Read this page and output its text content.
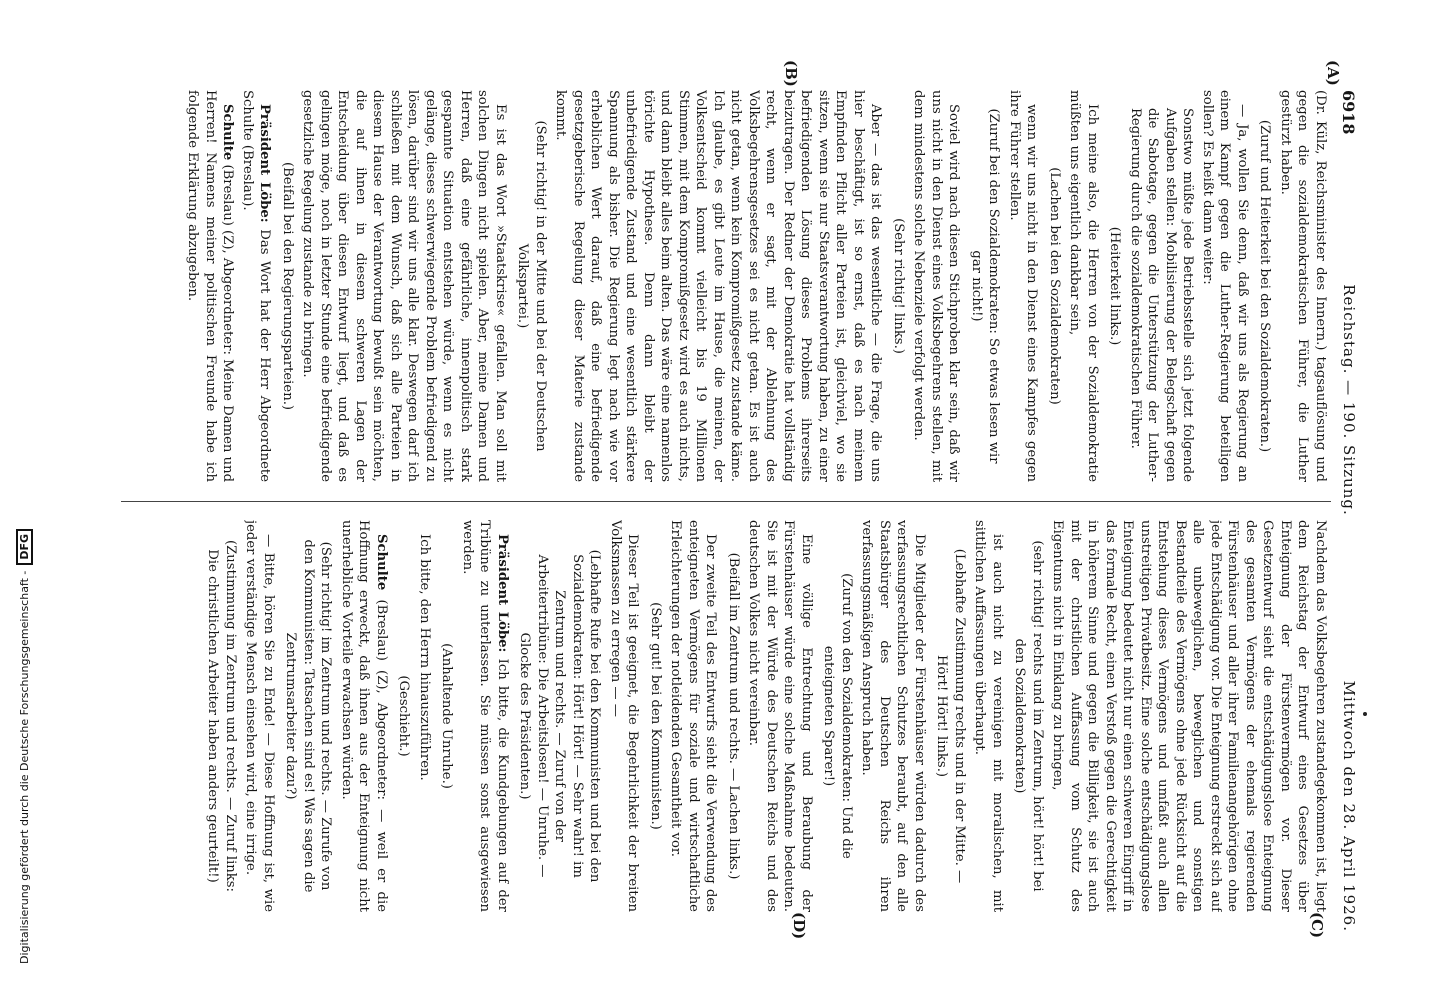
6918
Reichstag. — 190. Sitzung.
Mittwoch den 28. April 1926.
(A)
(B)
(C)
(D)

(Dr. Külz, Reichsminister des Innern.) tagsauflösung und gegen die sozialdemokratischen Führer, die Luther gestürzt haben.

(Zuruf und Heiterkeit bei den Sozialdemokraten.)

— Ja, wollen Sie denn, daß wir uns als Regierung an einem Kampf gegen die Luther-Regierung beteiligen sollen? Es heißt dann weiter:

Sonstwo müßte jede Betriebsstelle sich jetzt folgende Aufgaben stellen: Mobilisierung der Belegschaft gegen die Sabotage, gegen die Unterstützung der Luther-Regierung durch die sozialdemokratischen Führer.

(Heiterkeit links.)

Ich meine also, die Herren von der Sozialdemokratie müßten uns eigentlich dankbar sein,

(Lachen bei den Sozialdemokraten)

wenn wir uns nicht in den Dienst eines Kampfes gegen ihre Führer stellen.

(Zuruf bei den Sozialdemokraten: So etwas lesen wir gar nicht!)

Soviel wird nach diesen Stichproben klar sein, daß wir uns nicht in den Dienst eines Volksbegehrens stellen, mit dem mindestens solche Nebenziele verfolgt werden.

(Sehr richtig! links.)

Aber — das ist das wesentliche — die Frage, die uns hier beschäftigt, ist so ernst, daß es nach meinem Empfinden Pflicht aller Parteien ist, gleichviel, wo sie sitzen, wenn sie nur Staatsverantwortung haben, zu einer befriedigenden Lösung dieses Problems ihrerseits beizutragen. Der Redner der Demokratie hat vollständig recht, wenn er sagt, mit der Ablehnung des Volksbegehrensgesetzes sei es nicht getan. Es ist auch nicht getan, wenn kein Kompromißgesetz zustande käme. Ich glaube, es gibt Leute im Hause, die meinen, der Volksentscheid kommt vielleicht bis 19 Millionen Stimmen, mit dem Kompromißgesetz wird es auch nichts, und dann bleibt alles beim alten. Das wäre eine namenlos törichte Hypothese. Denn dann bleibt der unbefriedigende Zustand und eine wesentlich stärkere Spannung als bisher. Die Regierung legt nach wie vor erheblichen Wert darauf, daß eine befriedigende gesetzgeberische Regelung dieser Materie zustande kommt.

(Sehr richtig! in der Mitte und bei der Deutschen Volkspartei.)

Es ist das Wort »Staatskrise« gefallen. Man soll mit solchen Dingen nicht spielen. Aber, meine Damen und Herren, daß eine gefährliche, innenpolitisch stark gespannte Situation entstehen würde, wenn es nicht gelänge, dieses schwerwiegende Problem befriedigend zu lösen, darüber sind wir uns alle klar. Deswegen darf ich schließen mit dem Wunsch, daß sich alle Parteien in diesem Hause der Verantwortung bewußt sein möchten, die auf ihnen in diesem schweren Lagen der Entscheidung über diesen Entwurf liegt, und daß es gelingen möge, noch in letzter Stunde eine befriedigende gesetzliche Regelung zustande zu bringen.

(Beifall bei den Regierungsparteien.)

Präsident Löbe: Das Wort hat der Herr Abgeordnete Schulte (Breslau).

Schulte (Breslau) (Z), Abgeordneter: Meine Damen und Herren! Namens meiner politischen Freunde habe ich folgende Erklärung abzugeben.

Nachdem das Volksbegehren zustandegekommen ist, liegt dem Reichstag der Entwurf eines Gesetzes über Enteignung der Fürstenvermögen vor. Dieser Gesetzentwurf sieht die entschädigungslose Enteignung des gesamten Vermögens der ehemals regierenden Fürstenhäuser und aller ihrer Familienangehörigen ohne jede Entschädigung vor. Die Enteignung erstreckt sich auf alle unbeweglichen, beweglichen und sonstigen Bestandteile des Vermögens ohne jede Rücksicht auf die Entstehung dieses Vermögens und umfaßt auch allen unstreitigen Privatbesitz. Eine solche entschädigungslose Enteignung bedeutet nicht nur einen schweren Eingriff in das formale Recht, einen Verstoß gegen die Gerechtigkeit in höherem Sinne und gegen die Billigkeit, sie ist auch mit der christlichen Auffassung vom Schutz des Eigentums nicht in Einklang zu bringen,

(sehr richtig! rechts und im Zentrum, hört! hört! bei den Sozialdemokraten)

ist auch nicht zu vereinigen mit moralischen, mit sittlichen Auffassungen überhaupt.

(Lebhafte Zustimmung rechts und in der Mitte. — Hört! Hört! links.)

Die Mitglieder der Fürstenhäuser würden dadurch des verfassungsrechtlichen Schutzes beraubt, auf den alle Staatsbürger des Deutschen Reichs ihren verfassungsmäßigen Anspruch haben.

(Zuruf von den Sozialdemokraten: Und die enteigneten Sparer!)

Eine völlige Entrechtung und Beraubung der Fürstenhäuser würde eine solche Maßnahme bedeuten. Sie ist mit der Würde des Deutschen Reichs und des deutschen Volkes nicht vereinbar.

(Beifall im Zentrum und rechts. — Lachen links.)

Der zweite Teil des Entwurfs sieht die Verwendung des enteigneten Vermögens für soziale und wirtschaftliche Erleichterungen der notleidenden Gesamtheit vor.

(Sehr gut! bei den Kommunisten.)

Dieser Teil ist geeignet, die Begehrlichkeit der breiten Volksmassen zu erregen — —

(Lebhafte Rufe bei den Kommunisten und bei den Sozialdemokraten: Hört! Hört! — Sehr wahr! im Zentrum und rechts. — Zuruf von der Arbeitertribüne: Die Arbeitslosen! — Unruhe. — Glocke des Präsidenten.)

Präsident Löbe: Ich bitte, die Kundgebungen auf der Tribüne zu unterlassen. Sie müssen sonst ausgewiesen werden.

(Anhaltende Unruhe.)

Ich bitte, den Herrn hinauszuführen.

(Geschieht.)

Schulte (Breslau) (Z), Abgeordneter: — weil er die Hoffnung erweckt, daß ihnen aus der Enteignung nicht unerhebliche Vorteile erwachsen würden.

(Sehr richtig! im Zentrum und rechts. — Zurufe von den Kommunisten: Tatsachen sind es! Was sagen die Zentrumsarbeiter dazu?)

— Bitte, hören Sie zu Ende! — Diese Hoffnung ist, wie jeder verständige Mensch einsehen wird, eine irrige.

(Zustimmung im Zentrum und rechts. — Zuruf links: Die christlichen Arbeiter haben anders geurteilt!)

Digitalisierung gefördert durch die Deutsche Forschungsgemeinschaft -
DFG
